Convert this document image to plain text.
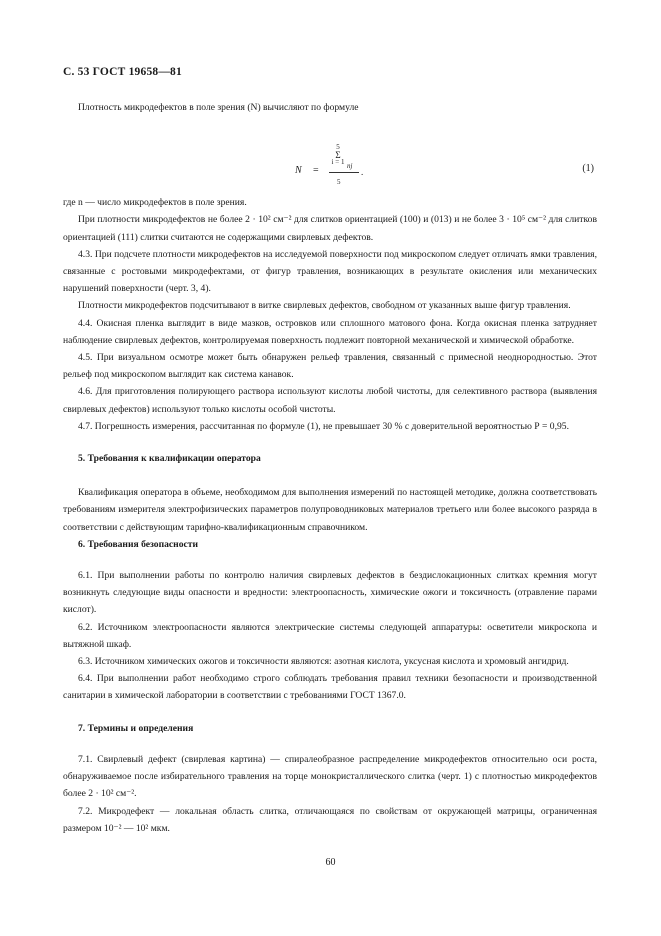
С. 53 ГОСТ 19658—81

Плотность микродефектов в поле зрения (N) вычисляют по формуле

N =
5
Σ
i = 1 nj
5
.	(1)

где n — число микродефектов в поле зрения.

При плотности микродефектов не более 2 · 10² см⁻² для слитков ориентацией (100) и (013) и не более 3 · 10⁵ см⁻² для слитков ориентацией (111) слитки считаются не содержащими свирлевых дефектов.

4.3. При подсчете плотности микродефектов на исследуемой поверхности под микроскопом следует отличать ямки травления, связанные с ростовыми микродефектами, от фигур травления, возникающих в результате окисления или механических нарушений поверхности (черт. 3, 4).

Плотности микродефектов подсчитывают в витке свирлевых дефектов, свободном от указанных выше фигур травления.

4.4. Окисная пленка выглядит в виде мазков, островков или сплошного матового фона. Когда окисная пленка затрудняет наблюдение свирлевых дефектов, контролируемая поверхность подлежит повторной механической и химической обработке.

4.5. При визуальном осмотре может быть обнаружен рельеф травления, связанный с примесной неоднородностью. Этот рельеф под микроскопом выглядит как система канавок.

4.6. Для приготовления полирующего раствора используют кислоты любой чистоты, для селективного раствора (выявления свирлевых дефектов) используют только кислоты особой чистоты.

4.7. Погрешность измерения, рассчитанная по формуле (1), не превышает 30 % с доверительной вероятностью Р = 0,95.

5. Требования к квалификации оператора

Квалификация оператора в объеме, необходимом для выполнения измерений по настоящей методике, должна соответствовать требованиям измерителя электрофизических параметров полупроводниковых материалов третьего или более высокого разряда в соответствии с действующим тарифно-квалификационным справочником.

6. Требования безопасности

6.1. При выполнении работы по контролю наличия свирлевых дефектов в бездислокационных слитках кремния могут возникнуть следующие виды опасности и вредности: электроопасность, химические ожоги и токсичность (отравление парами кислот).

6.2. Источником электроопасности являются электрические системы следующей аппаратуры: осветители микроскопа и вытяжной шкаф.

6.3. Источником химических ожогов и токсичности являются: азотная кислота, уксусная кислота и хромовый ангидрид.

6.4. При выполнении работ необходимо строго соблюдать требования правил техники безопасности и производственной санитарии в химической лаборатории в соответствии с требованиями ГОСТ 1367.0.

7. Термины и определения

7.1. Свирлевый дефект (свирлевая картина) — спиралеобразное распределение микродефектов относительно оси роста, обнаруживаемое после избирательного травления на торце монокристаллического слитка (черт. 1) с плотностью микродефектов более 2 · 10² см⁻².

7.2. Микродефект — локальная область слитка, отличающаяся по свойствам от окружающей матрицы, ограниченная размером 10⁻² — 10² мкм.

60
